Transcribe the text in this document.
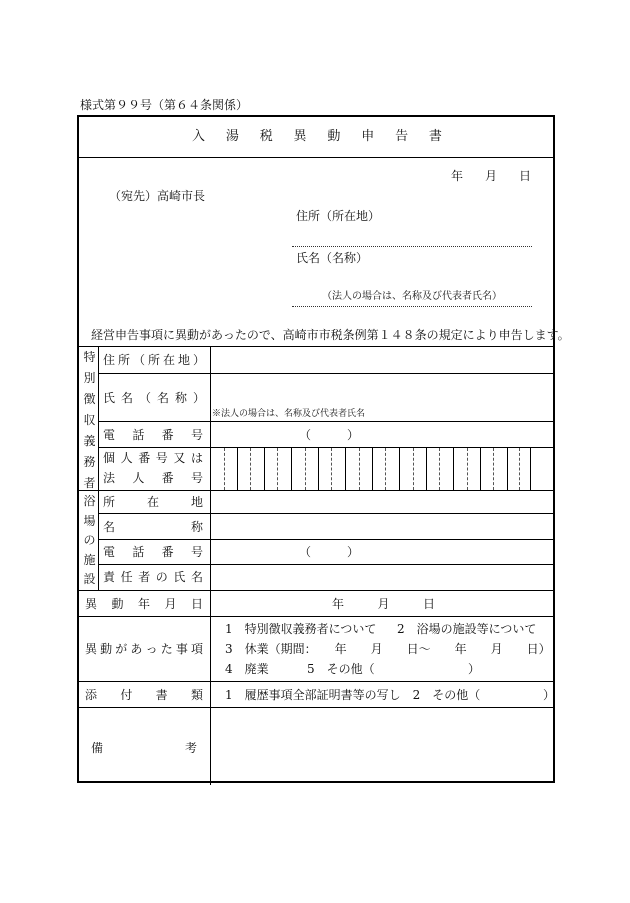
様式第９９号（第６４条関係）
入 湯 税 異 動 申 告 書
年 月 日
（宛先）高崎市長
住所（所在地）
氏名（名称）
（法人の場合は、名称及び代表者氏名）
経営申告事項に異動があったので、高崎市市税条例第１４８条の規定により申告します。
特
別
徴
収
義
務
者
住所（所在地）
氏名（名称）
※法人の場合は、名称及び代表者氏名
電 話 番 号	（　　　）
個 人 番 号 又 は
法 人 番 号
浴
場
の
施
設
所	在	地
名	称
電 話 番 号	（　　　）
責 任 者 の 氏 名
異 動 年 月 日	年	月	日
異 動 が あ っ た 事 項
1　特別徴収義務者について 2　浴場の施設等について
3　休業（期間：　　年　　月　　日〜　　年　　月　　日）
4　廃業	5　その他（	）
添 付 書 類 1　履歴事項全部証明書等の写し　2　その他（	）
備	考
